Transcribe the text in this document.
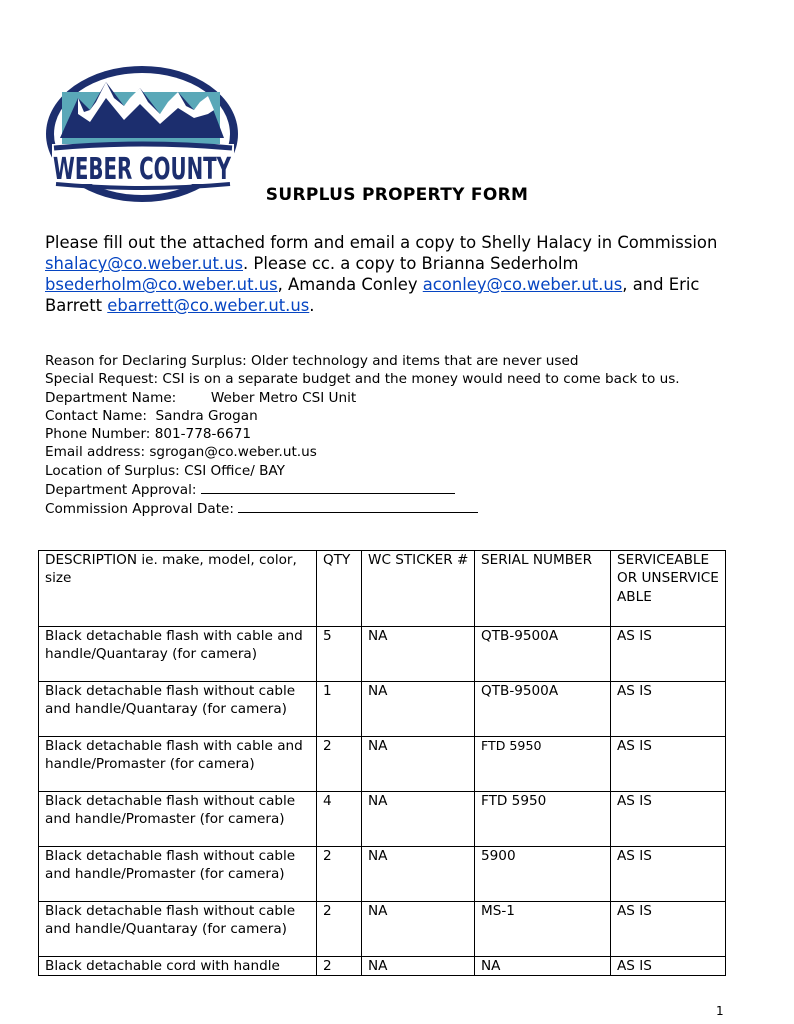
WEBER COUNTY
SURPLUS PROPERTY FORM
Please fill out the attached form and email a copy to Shelly Halacy in Commission shalacy@co.weber.ut.us. Please cc. a copy to Brianna Sederholm bsederholm@co.weber.ut.us, Amanda Conley aconley@co.weber.ut.us, and Eric Barrett ebarrett@co.weber.ut.us.
Reason for Declaring Surplus: Older technology and items that are never used
Special Request: CSI is on a separate budget and the money would need to come back to us.
Department Name:        Weber Metro CSI Unit
Contact Name:  Sandra Grogan
Phone Number: 801-778-6671
Email address: sgrogan@co.weber.ut.us
Location of Surplus: CSI Office/ BAY
Department Approval:
Commission Approval Date:
DESCRIPTION ie. make, model, color, size	QTY	WC STICKER #	SERIAL NUMBER	SERVICEABLE OR UNSERVICEABLE
Black detachable flash with cable and handle/Quantaray (for camera)	5	NA	QTB-9500A	AS IS
Black detachable flash without cable and handle/Quantaray (for camera)	1	NA	QTB-9500A	AS IS
Black detachable flash with cable and handle/Promaster (for camera)	2	NA	FTD 5950	AS IS
Black detachable flash without cable and handle/Promaster (for camera)	4	NA	FTD 5950	AS IS
Black detachable flash without cable and handle/Promaster (for camera)	2	NA	5900	AS IS
Black detachable flash without cable and handle/Quantaray (for camera)	2	NA	MS-1	AS IS
Black detachable cord with handle	2	NA	NA	AS IS
1
